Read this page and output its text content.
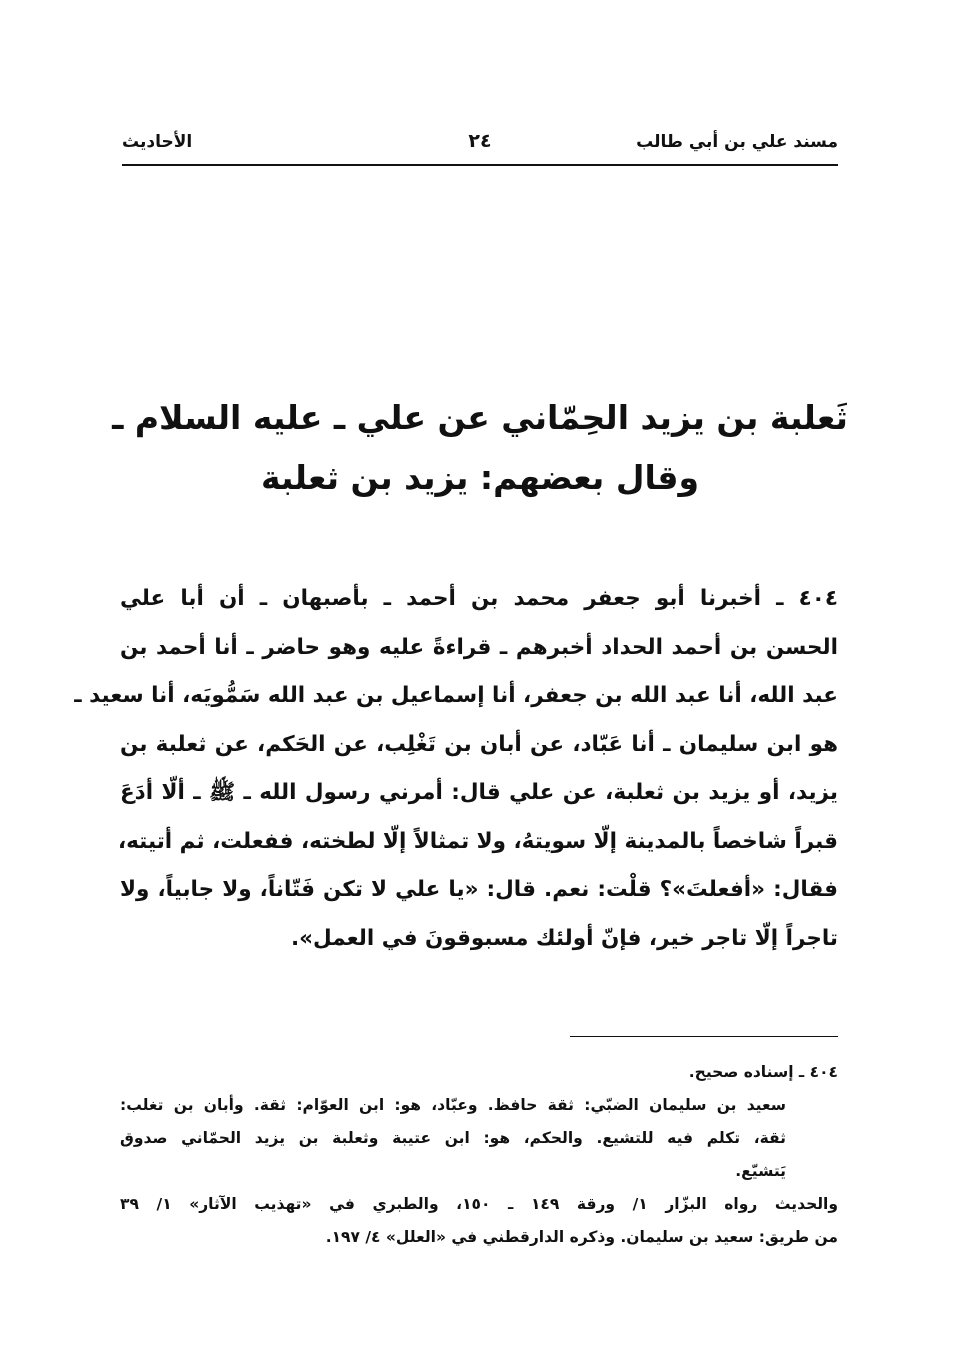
مسند علي بن أبي طالب
٢٤
الأحاديث
ثَعلبة بن يزيد الحِمّاني عن علي ـ عليه السلام ـ
وقال بعضهم: يزيد بن ثعلبة
٤٠٤ ـ أخبرنا أبو جعفر محمد بن أحمد ـ بأصبهان ـ أن أبا علي
الحسن بن أحمد الحداد أخبرهم ـ قراءةً عليه وهو حاضر ـ أنا أحمد بن
عبد الله، أنا عبد الله بن جعفر، أنا إسماعيل بن عبد الله سَمُّويَه، أنا سعيد ـ
هو ابن سليمان ـ أنا عَبّاد، عن أبان بن تَغْلِب، عن الحَكم، عن ثعلبة بن
يزيد، أو يزيد بن ثعلبة، عن علي قال: أمرني رسول الله ـ ﷺ ـ ألّا أدَعَ
قبراً شاخصاً بالمدينة إلّا سويتهُ، ولا تمثالاً إلّا لطخته، ففعلت، ثم أتيته،
فقال: «أفعلتَ»؟ قلْت: نعم. قال: «يا علي لا تكن فَتّاناً، ولا جابياً، ولا
تاجراً إلّا تاجر خير، فإنّ أولئك مسبوقونَ في العمل».
٤٠٤ ـ إسناده صحيح.
سعيد بن سليمان الضبّي: ثقة حافظ. وعبّاد، هو: ابن العوّام: ثقة. وأبان بن تغلب:
ثقة، تكلم فيه للتشيع. والحكم، هو: ابن عتيبة وثعلبة بن يزيد الحمّاني صدوق
يَتشيّع.
والحديث رواه البزّار ١/ ورقة ١٤٩ ـ ١٥٠، والطبري في «تهذيب الآثار» ١/ ٣٩
من طريق: سعيد بن سليمان. وذكره الدارقطني في «العلل» ٤/ ١٩٧.
